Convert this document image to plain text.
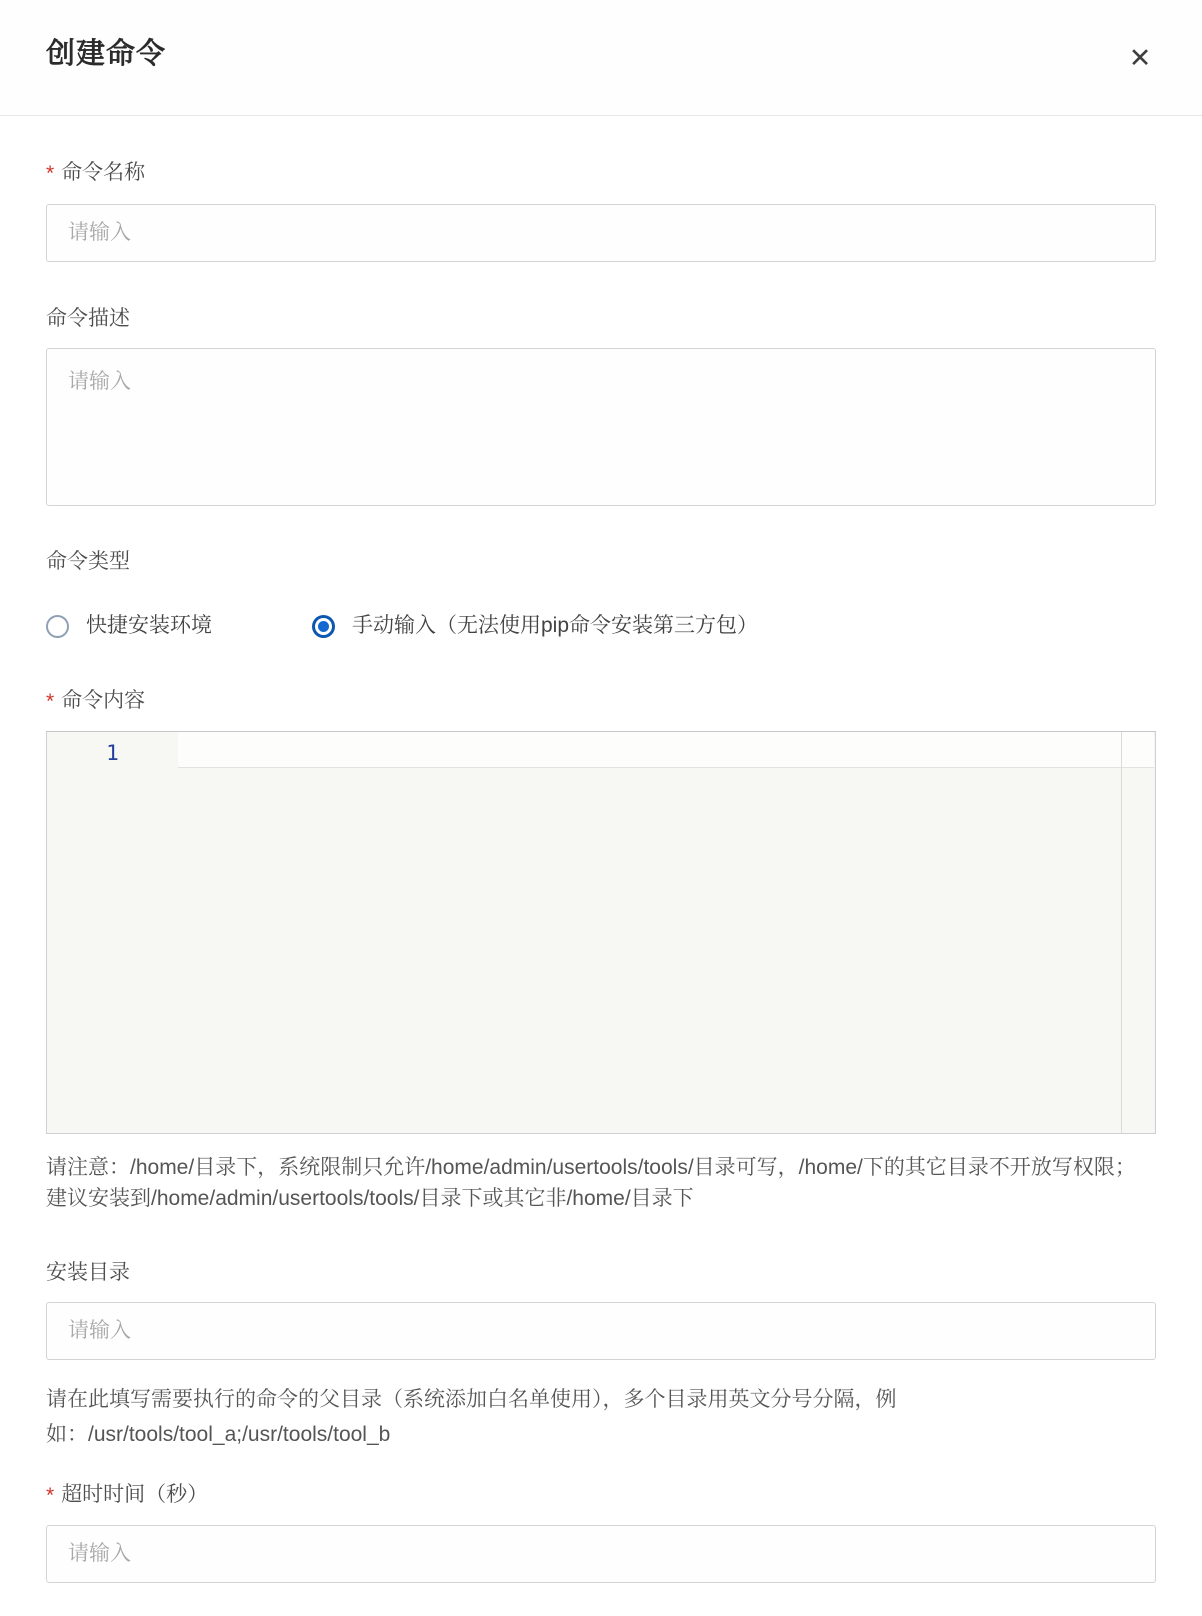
创建命令	✕
* 命令名称
请输入
命令描述
请输入
命令类型
快捷安装环境	手动输入（无法使用pip命令安装第三方包）
* 命令内容
1
请注意：/home/目录下，系统限制只允许/home/admin/usertools/tools/目录可写，/home/下的其它目录不开放写权限；建议安装到/home/admin/usertools/tools/目录下或其它非/home/目录下
安装目录
请输入
请在此填写需要执行的命令的父目录（系统添加白名单使用），多个目录用英文分号分隔，例如：/usr/tools/tool_a;/usr/tools/tool_b
* 超时时间（秒）
请输入
